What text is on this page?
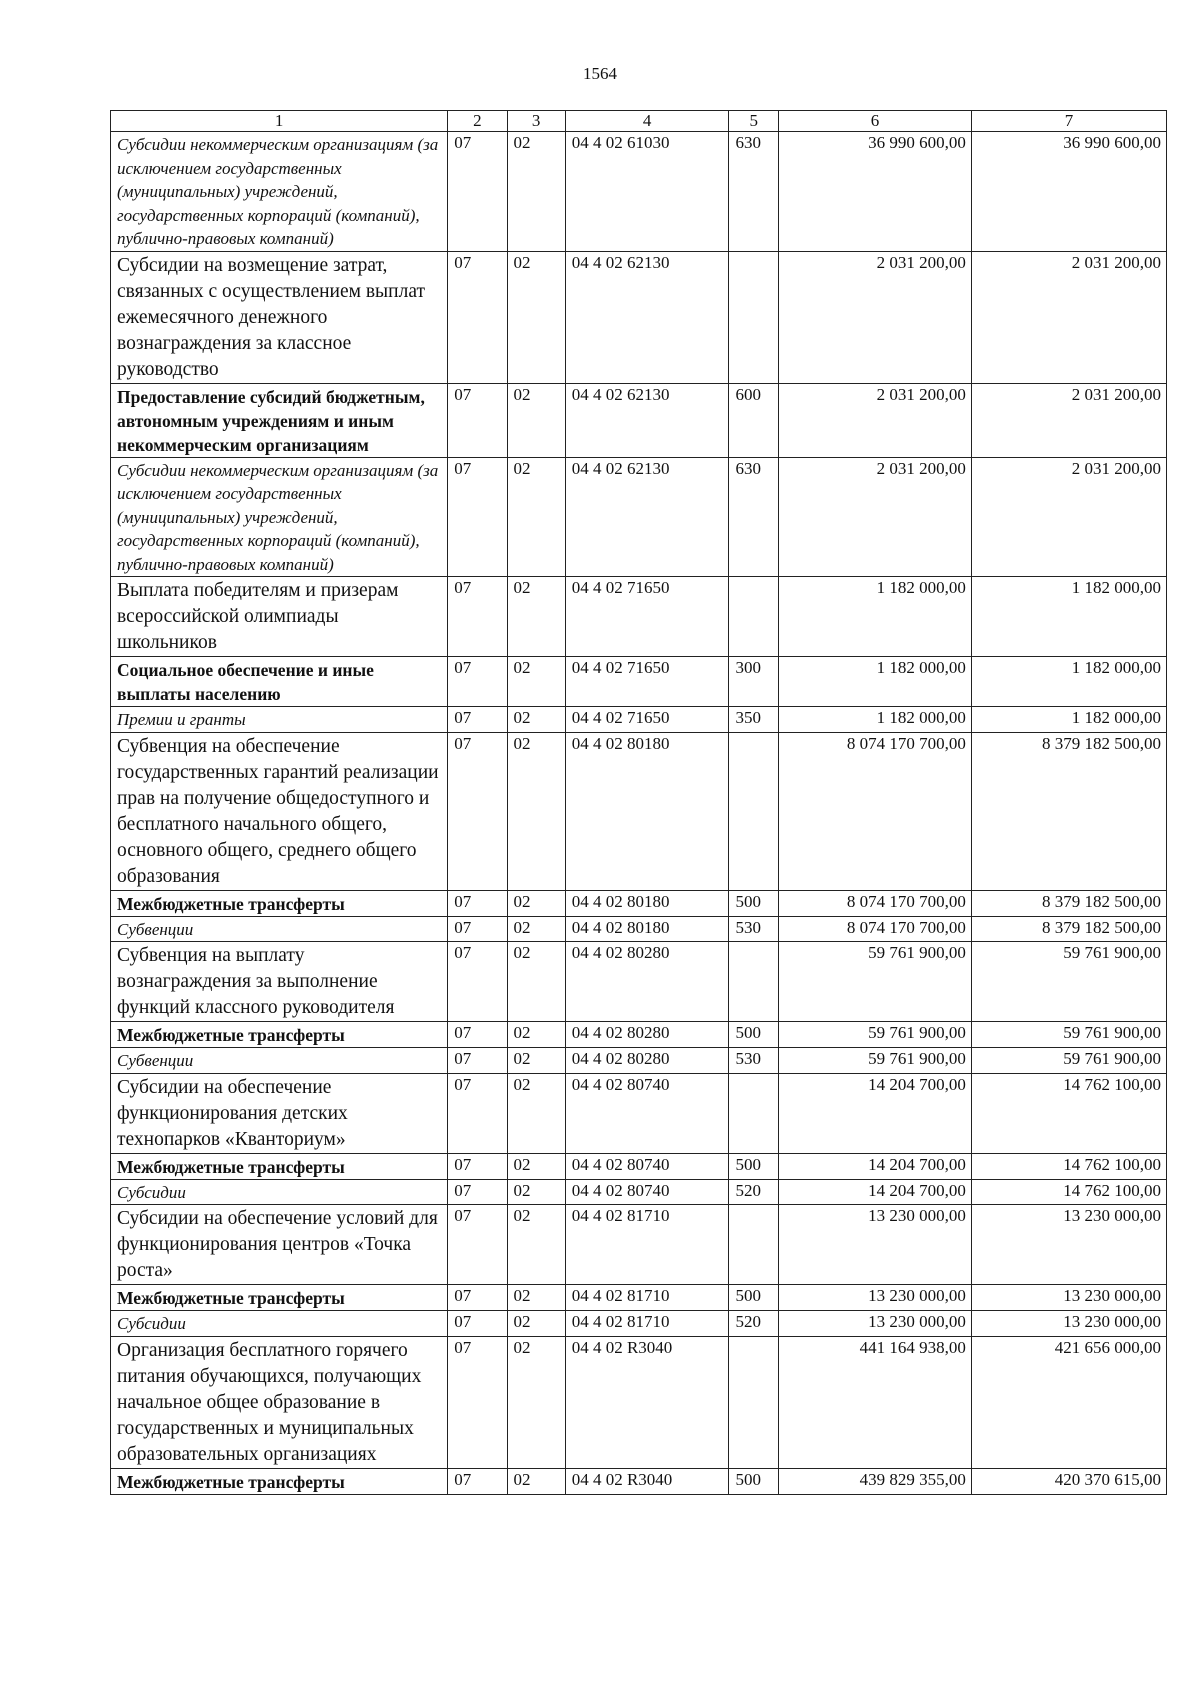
1564
1	2	3	4	5	6	7
Субсидии некоммерческим организациям (за исключением государственных (муниципальных) учреждений, государственных корпораций (компаний), публично-правовых компаний)	07	02	04 4 02 61030	630	36 990 600,00	36 990 600,00
Субсидии на возмещение затрат, связанных с осуществлением выплат ежемесячного денежного вознаграждения за классное руководство	07	02	04 4 02 62130		2 031 200,00	2 031 200,00
Предоставление субсидий бюджетным, автономным учреждениям и иным некоммерческим организациям	07	02	04 4 02 62130	600	2 031 200,00	2 031 200,00
Субсидии некоммерческим организациям (за исключением государственных (муниципальных) учреждений, государственных корпораций (компаний), публично-правовых компаний)	07	02	04 4 02 62130	630	2 031 200,00	2 031 200,00
Выплата победителям и призерам всероссийской олимпиады школьников	07	02	04 4 02 71650		1 182 000,00	1 182 000,00
Социальное обеспечение и иные выплаты населению	07	02	04 4 02 71650	300	1 182 000,00	1 182 000,00
Премии и гранты	07	02	04 4 02 71650	350	1 182 000,00	1 182 000,00
Субвенция на обеспечение государственных гарантий реализации прав на получение общедоступного и бесплатного начального общего, основного общего, среднего общего образования	07	02	04 4 02 80180		8 074 170 700,00	8 379 182 500,00
Межбюджетные трансферты	07	02	04 4 02 80180	500	8 074 170 700,00	8 379 182 500,00
Субвенции	07	02	04 4 02 80180	530	8 074 170 700,00	8 379 182 500,00
Субвенция на выплату вознаграждения за выполнение функций классного руководителя	07	02	04 4 02 80280		59 761 900,00	59 761 900,00
Межбюджетные трансферты	07	02	04 4 02 80280	500	59 761 900,00	59 761 900,00
Субвенции	07	02	04 4 02 80280	530	59 761 900,00	59 761 900,00
Субсидии на обеспечение функционирования детских технопарков «Кванториум»	07	02	04 4 02 80740		14 204 700,00	14 762 100,00
Межбюджетные трансферты	07	02	04 4 02 80740	500	14 204 700,00	14 762 100,00
Субсидии	07	02	04 4 02 80740	520	14 204 700,00	14 762 100,00
Субсидии на обеспечение условий для функционирования центров «Точка роста»	07	02	04 4 02 81710		13 230 000,00	13 230 000,00
Межбюджетные трансферты	07	02	04 4 02 81710	500	13 230 000,00	13 230 000,00
Субсидии	07	02	04 4 02 81710	520	13 230 000,00	13 230 000,00
Организация бесплатного горячего питания обучающихся, получающих начальное общее образование в государственных и муниципальных образовательных организациях	07	02	04 4 02 R3040		441 164 938,00	421 656 000,00
Межбюджетные трансферты	07	02	04 4 02 R3040	500	439 829 355,00	420 370 615,00
